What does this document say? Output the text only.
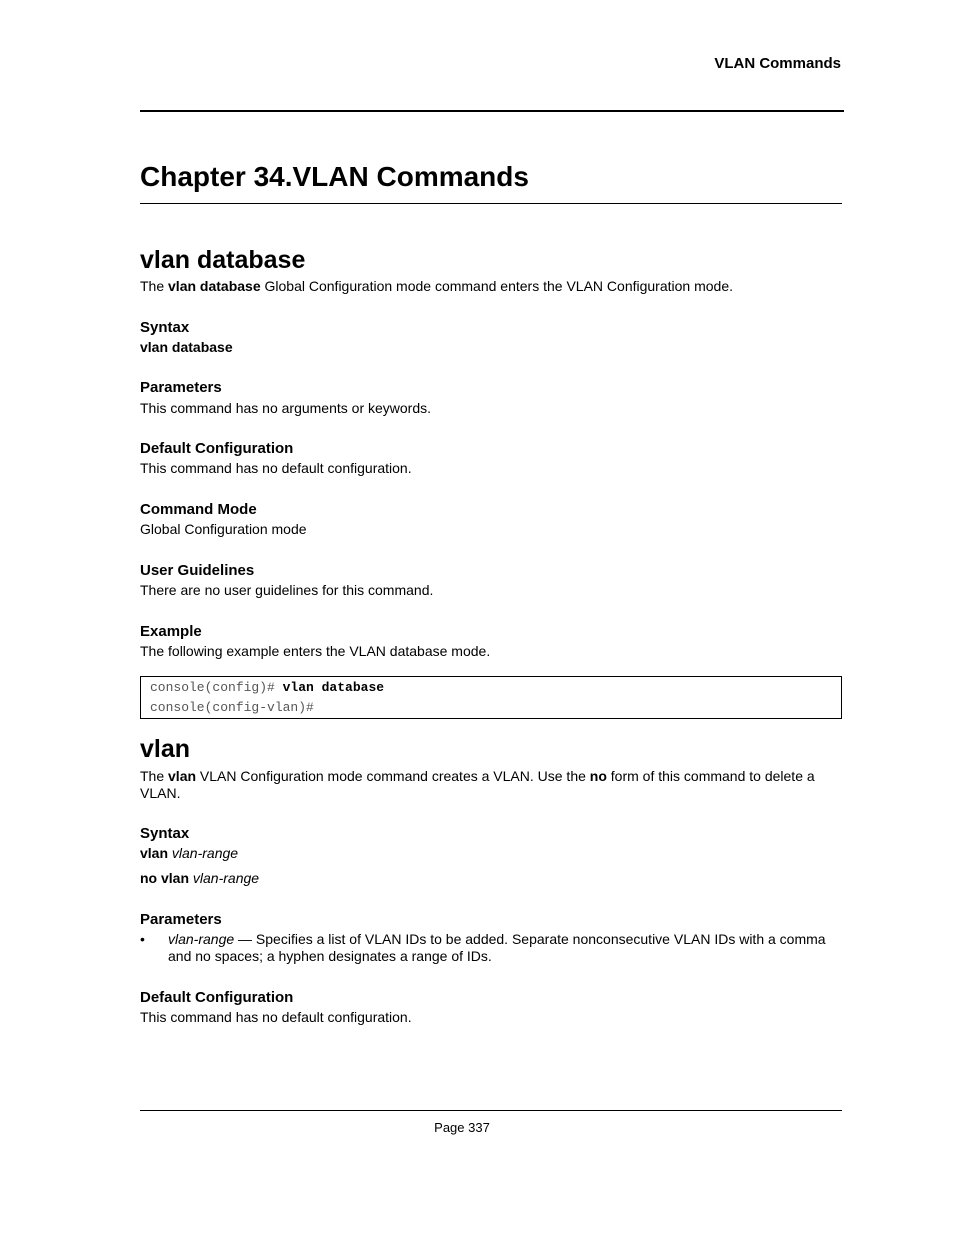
VLAN Commands
Chapter 34.VLAN Commands
vlan database

The vlan database Global Configuration mode command enters the VLAN Configuration mode.

Syntax

vlan database

Parameters

This command has no arguments or keywords.

Default Configuration

This command has no default configuration.

Command Mode

Global Configuration mode

User Guidelines

There are no user guidelines for this command.

Example

The following example enters the VLAN database mode.

console(config)# vlan database
console(config-vlan)#
vlan

The vlan VLAN Configuration mode command creates a VLAN. Use the no form of this command to delete a VLAN.

Syntax

vlan vlan-range

no vlan vlan-range

Parameters
• vlan-range — Specifies a list of VLAN IDs to be added. Separate nonconsecutive VLAN IDs with a comma and no spaces; a hyphen designates a range of IDs.

Default Configuration

This command has no default configuration.

Page 337
